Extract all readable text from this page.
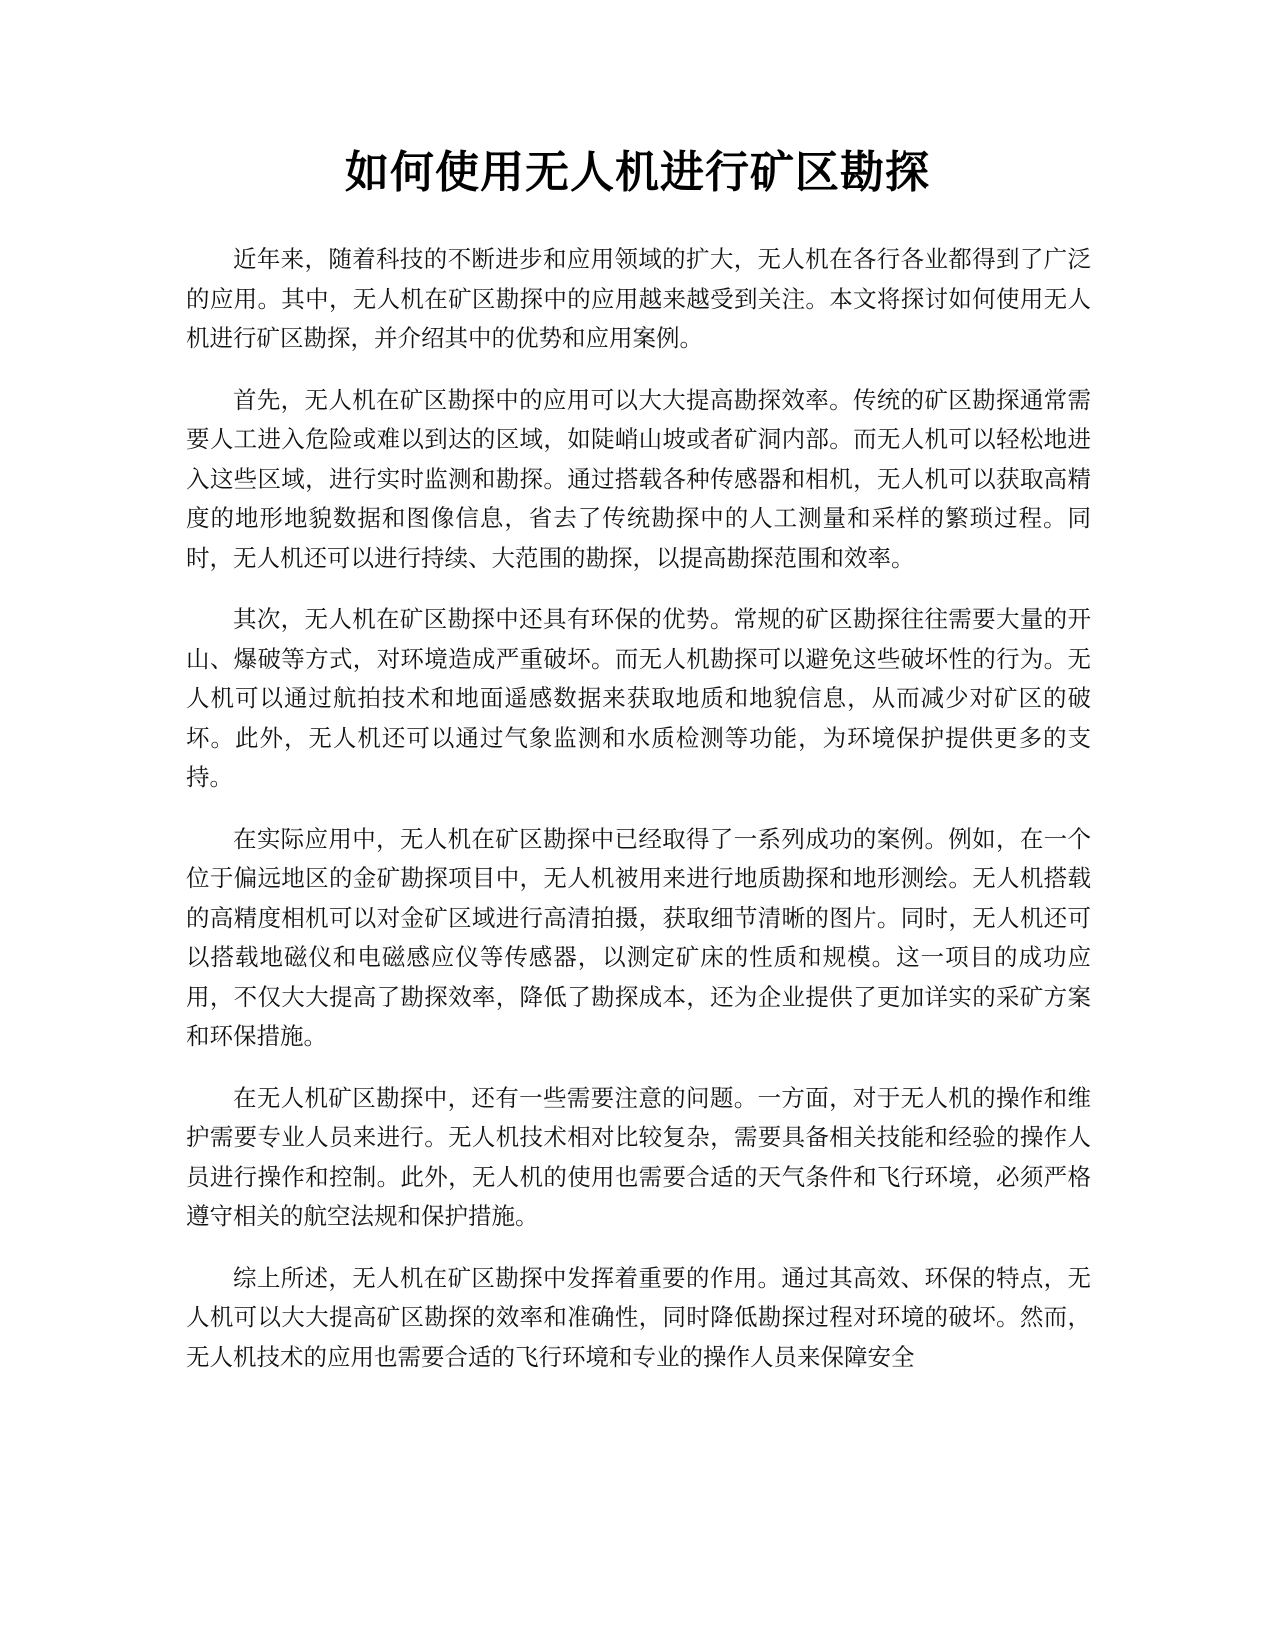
如何使用无人机进行矿区勘探

近年来，随着科技的不断进步和应用领域的扩大，无人机在各行各业都得到了广泛的应用。其中，无人机在矿区勘探中的应用越来越受到关注。本文将探讨如何使用无人机进行矿区勘探，并介绍其中的优势和应用案例。

首先，无人机在矿区勘探中的应用可以大大提高勘探效率。传统的矿区勘探通常需要人工进入危险或难以到达的区域，如陡峭山坡或者矿洞内部。而无人机可以轻松地进入这些区域，进行实时监测和勘探。通过搭载各种传感器和相机，无人机可以获取高精度的地形地貌数据和图像信息，省去了传统勘探中的人工测量和采样的繁琐过程。同时，无人机还可以进行持续、大范围的勘探，以提高勘探范围和效率。

其次，无人机在矿区勘探中还具有环保的优势。常规的矿区勘探往往需要大量的开山、爆破等方式，对环境造成严重破坏。而无人机勘探可以避免这些破坏性的行为。无人机可以通过航拍技术和地面遥感数据来获取地质和地貌信息，从而减少对矿区的破坏。此外，无人机还可以通过气象监测和水质检测等功能，为环境保护提供更多的支持。

在实际应用中，无人机在矿区勘探中已经取得了一系列成功的案例。例如，在一个位于偏远地区的金矿勘探项目中，无人机被用来进行地质勘探和地形测绘。无人机搭载的高精度相机可以对金矿区域进行高清拍摄，获取细节清晰的图片。同时，无人机还可以搭载地磁仪和电磁感应仪等传感器，以测定矿床的性质和规模。这一项目的成功应用，不仅大大提高了勘探效率，降低了勘探成本，还为企业提供了更加详实的采矿方案和环保措施。

在无人机矿区勘探中，还有一些需要注意的问题。一方面，对于无人机的操作和维护需要专业人员来进行。无人机技术相对比较复杂，需要具备相关技能和经验的操作人员进行操作和控制。此外，无人机的使用也需要合适的天气条件和飞行环境，必须严格遵守相关的航空法规和保护措施。

综上所述，无人机在矿区勘探中发挥着重要的作用。通过其高效、环保的特点，无人机可以大大提高矿区勘探的效率和准确性，同时降低勘探过程对环境的破坏。然而，无人机技术的应用也需要合适的飞行环境和专业的操作人员来保障安全
